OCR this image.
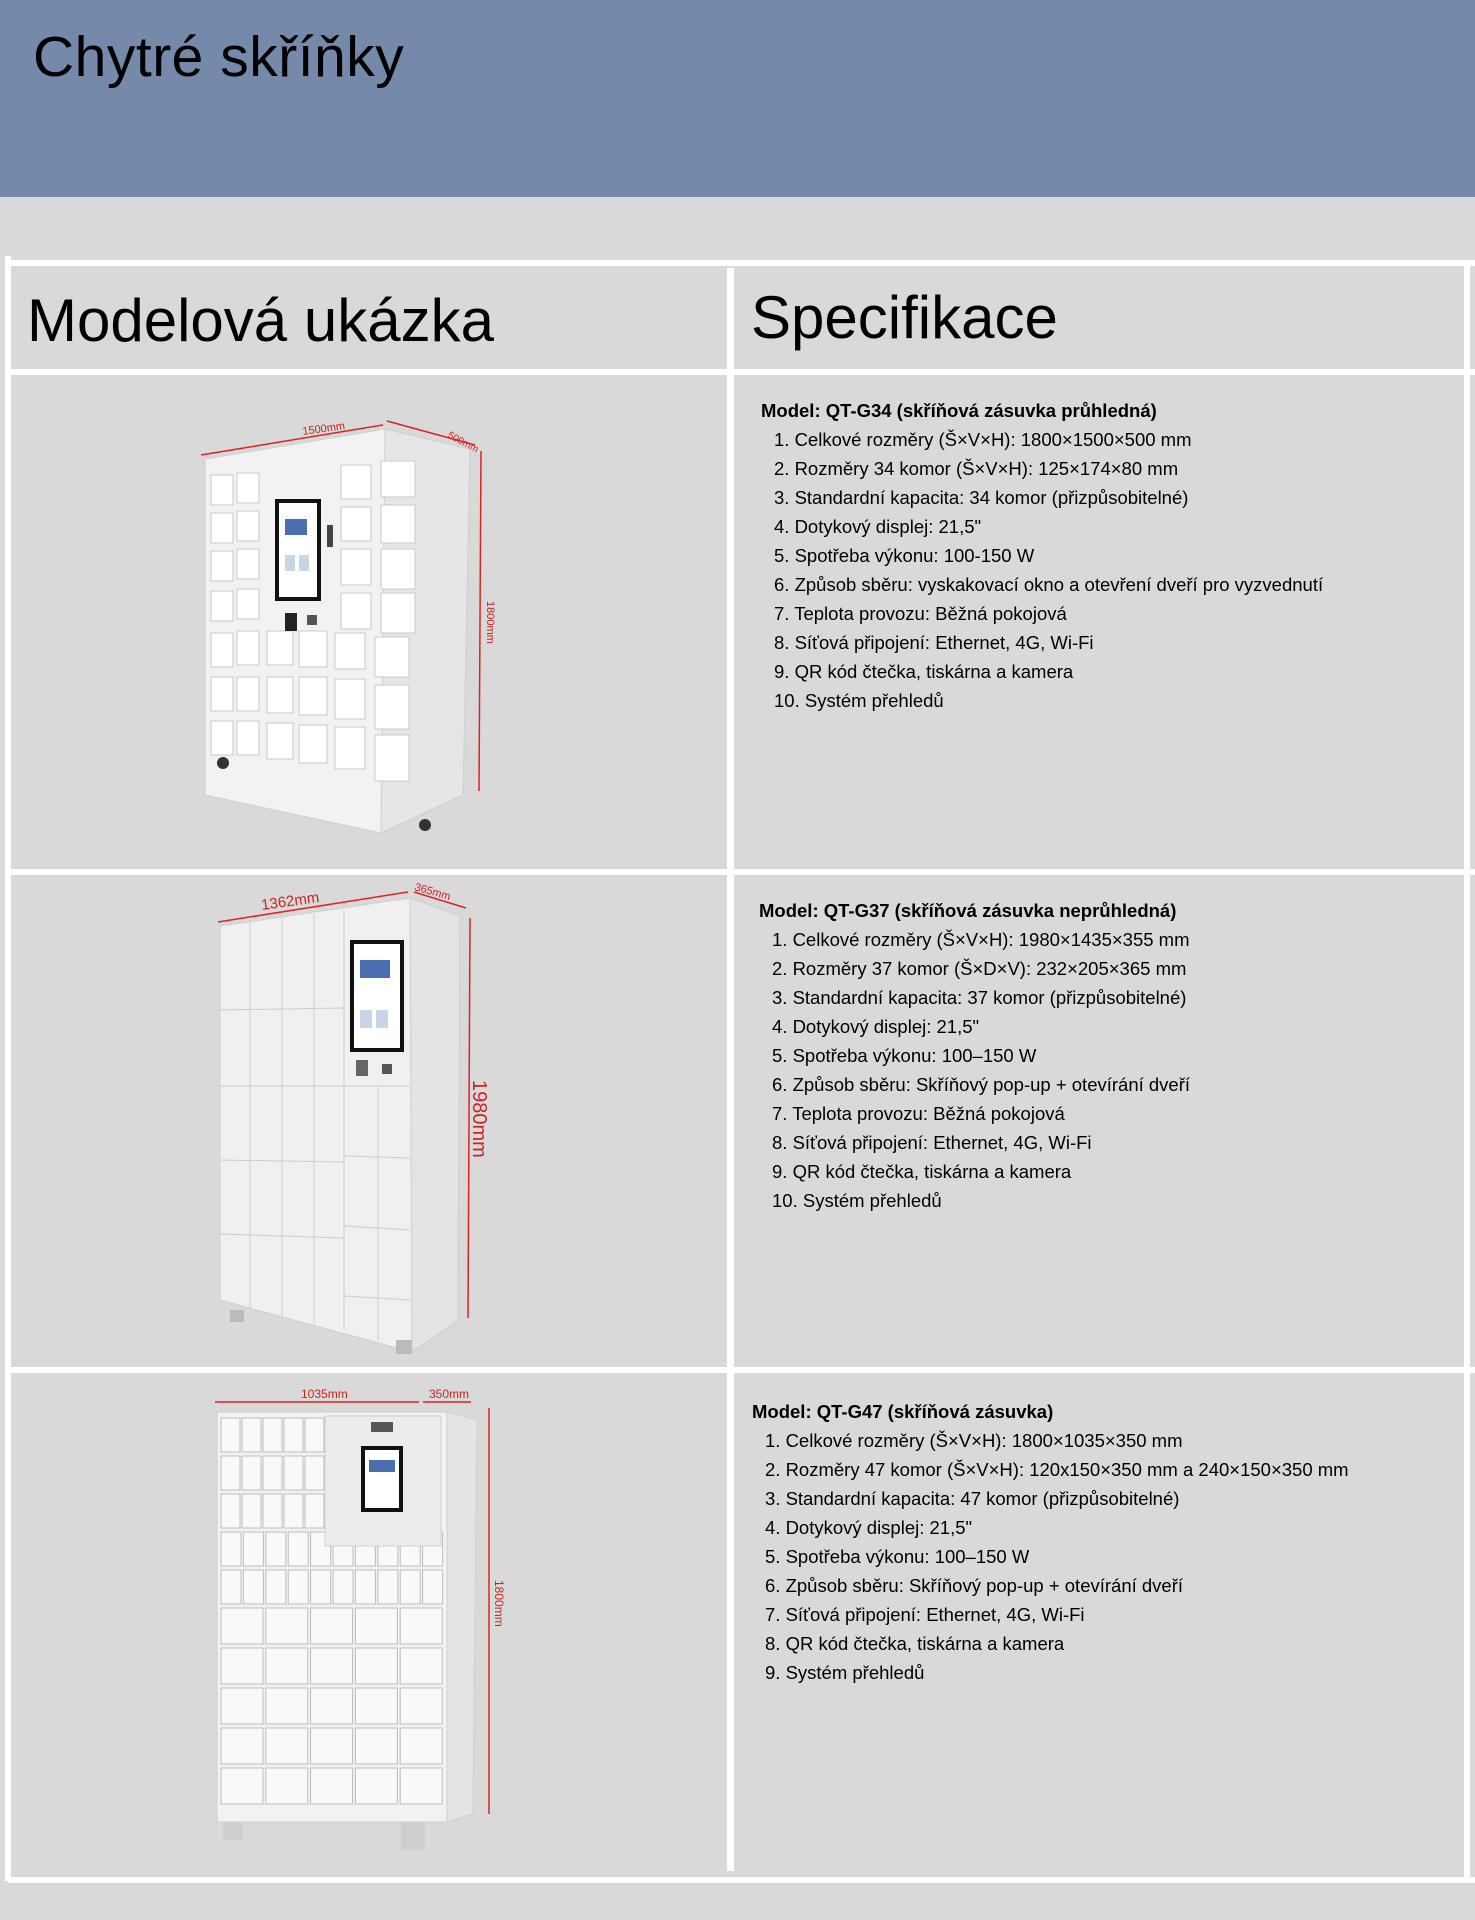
Chytré skříňky
Modelová ukázka	Specifikace
1500mm
500mm
1800mm
Model: QT-G34 (skříňová zásuvka průhledná)
1. Celkové rozměry (Š×V×H): 1800×1500×500 mm
2. Rozměry 34 komor (Š×V×H): 125×174×80 mm
3. Standardní kapacita: 34 komor (přizpůsobitelné)
4. Dotykový displej: 21,5"
5. Spotřeba výkonu: 100-150 W
6. Způsob sběru: vyskakovací okno a otevření dveří pro vyzvednutí
7. Teplota provozu: Běžná pokojová
8. Síťová připojení: Ethernet, 4G, Wi-Fi
9. QR kód čtečka, tiskárna a kamera
10. Systém přehledů
1362mm	365mm
1980mm
Model: QT-G37 (skříňová zásuvka neprůhledná)
1. Celkové rozměry (Š×V×H): 1980×1435×355 mm
2. Rozměry 37 komor (Š×D×V): 232×205×365 mm
3. Standardní kapacita: 37 komor (přizpůsobitelné)
4. Dotykový displej: 21,5"
5. Spotřeba výkonu: 100–150 W
6. Způsob sběru: Skříňový pop-up + otevírání dveří
7. Teplota provozu: Běžná pokojová
8. Síťová připojení: Ethernet, 4G, Wi-Fi
9. QR kód čtečka, tiskárna a kamera
10. Systém přehledů
1035mm	350mm
1800mm
Model: QT-G47 (skříňová zásuvka)
1. Celkové rozměry (Š×V×H): 1800×1035×350 mm
2. Rozměry 47 komor (Š×V×H): 120x150×350 mm a 240×150×350 mm
3. Standardní kapacita: 47 komor (přizpůsobitelné)
4. Dotykový displej: 21,5"
5. Spotřeba výkonu: 100–150 W
6. Způsob sběru: Skříňový pop-up + otevírání dveří
7. Síťová připojení: Ethernet, 4G, Wi-Fi
8. QR kód čtečka, tiskárna a kamera
9. Systém přehledů
